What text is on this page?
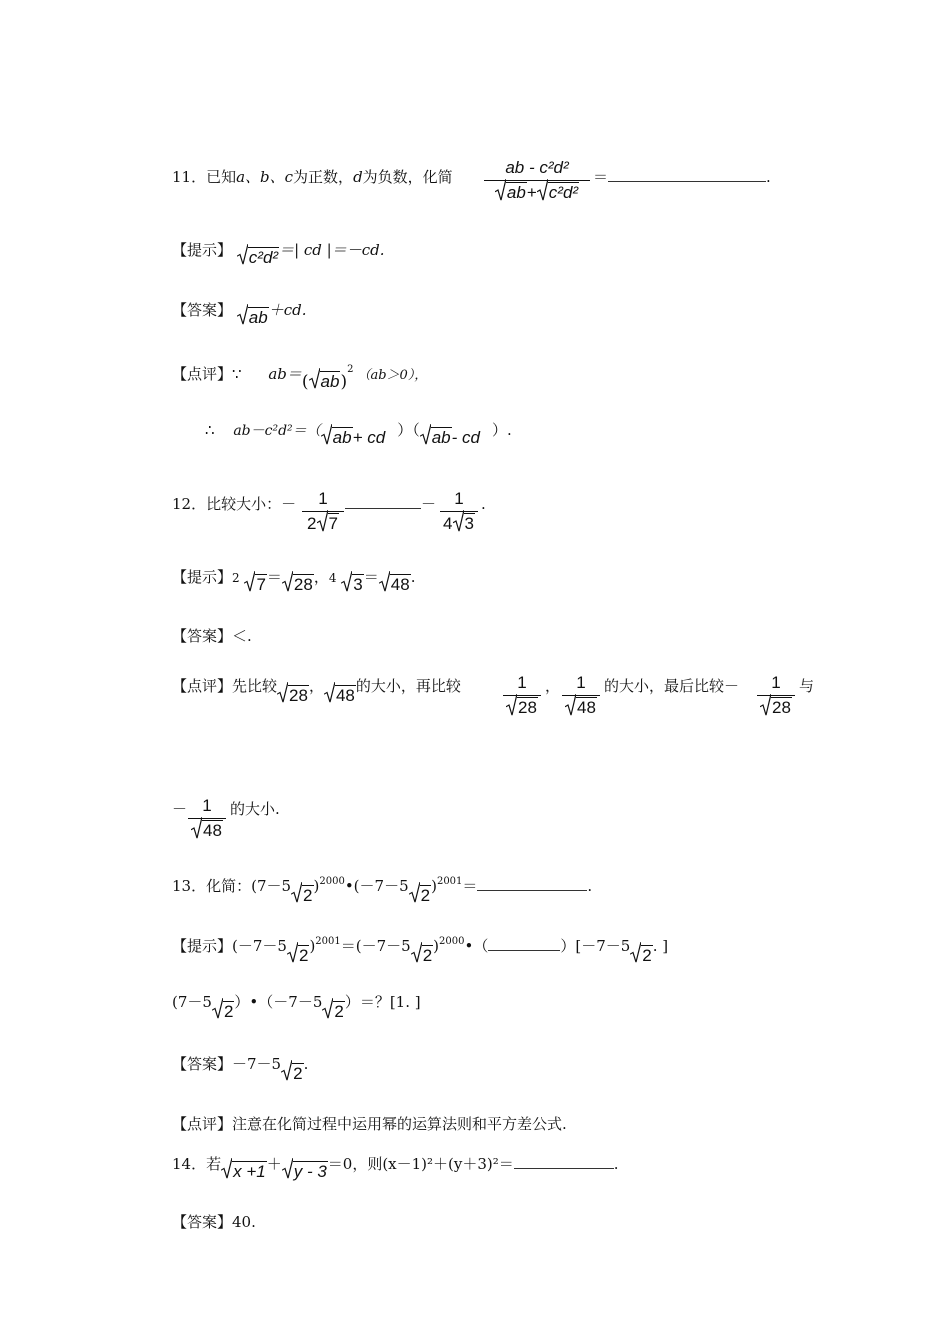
11．已知a、b、c为正数，d为负数，化简	ab - c²d²
ab+ c²d²
＝	.
【提示】 c²d²＝| cd |＝－cd.
【答案】 ab＋cd.
【点评】∵ ab＝( ab)$^2$ （ab＞0），
∴ ab－c²d²＝（ ab+ cd ）（ ab- cd ）.
12．比较大小：－	1
2 7
－	1
4 3
.
【提示】2 7＝ 28，4 3＝ 48.
【答案】＜.
【点评】先比较 28， 48的大小，再比较	1
28
， 1
48
的大小，最后比较－	1
28
与
－ 1
48
的大小.
13．化简：(7－5 2)$^{2000}$•(－7－5 2)$^{2001}$＝	.
【提示】(－7－5 2)$^{2001}$＝(－7－5 2)$^{2000}$•（	）[－7－5 2. ]
(7－5 2）•（－7－5 2）＝？[1. ]
【答案】－7－5 2.
【点评】注意在化简过程中运用幂的运算法则和平方差公式.
14．若 x +1＋ y - 3＝0，则(x－1)²＋(y＋3)²＝	.
【答案】40.
